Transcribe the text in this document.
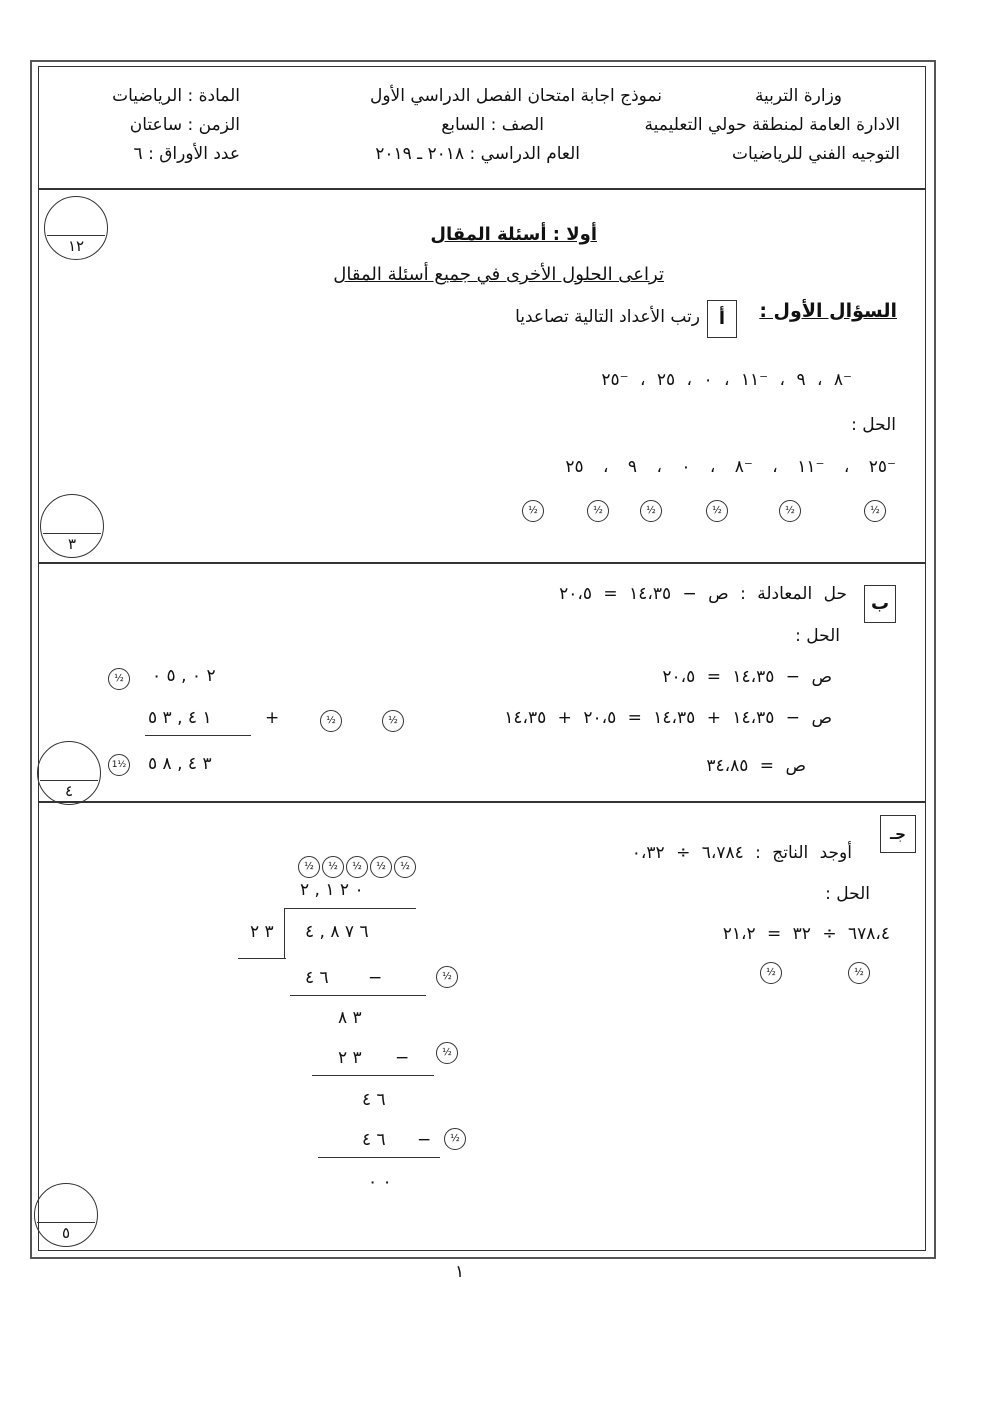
وزارة التربية
الادارة العامة لمنطقة حولي التعليمية
التوجيه الفني للرياضيات
نموذج اجابة امتحان الفصل الدراسي الأول
الصف : السابع
العام الدراسي : ٢٠١٨ ـ ٢٠١٩
المادة : الرياضيات
الزمن : ساعتان
عدد الأوراق : ٦
١٢
أولا : أسئلة المقال
تراعى الحلول الأخرى في جميع أسئلة المقال
السؤال الأول :
أ
رتب الأعداد التالية تصاعديا
⁻٨ ، ٩ ، ⁻١١ ، ٠ ، ٢٥ ، ⁻٢٥
الحل :
⁻٢٥ ، ⁻١١ ، ⁻٨ ، ٠ ، ٩ ، ٢٥
½	½	½	½	½	½
٣
ب
حل المعادلة : ص − ١٤،٣٥ = ٢٠،٥
الحل :
ص − ١٤،٣٥ = ٢٠،٥
ص − ١٤،٣٥ + ١٤،٣٥ = ٢٠،٥ + ١٤،٣٥
ص = ٣٤،٨٥
½	٢ ٠ , ٥ ٠
١ ٤ , ٣ ٥	+
٣ ٤ , ٨ ٥
1½
½	½
٤
جـ
أوجد الناتج : ٦،٧٨٤ ÷ ٠،٣٢
الحل :
٦٧٨،٤ ÷ ٣٢ = ٢١،٢
½	½
½	½	½	½	½
٠ ٢ ١ , ٢
٣ ٢ ٦ ٧ ٨ , ٤
٦ ٤ −	½
٣ ٨
٣ ٢ −	½
٦ ٤
٦ ٤ −	½
٠ ٠
٥
١
